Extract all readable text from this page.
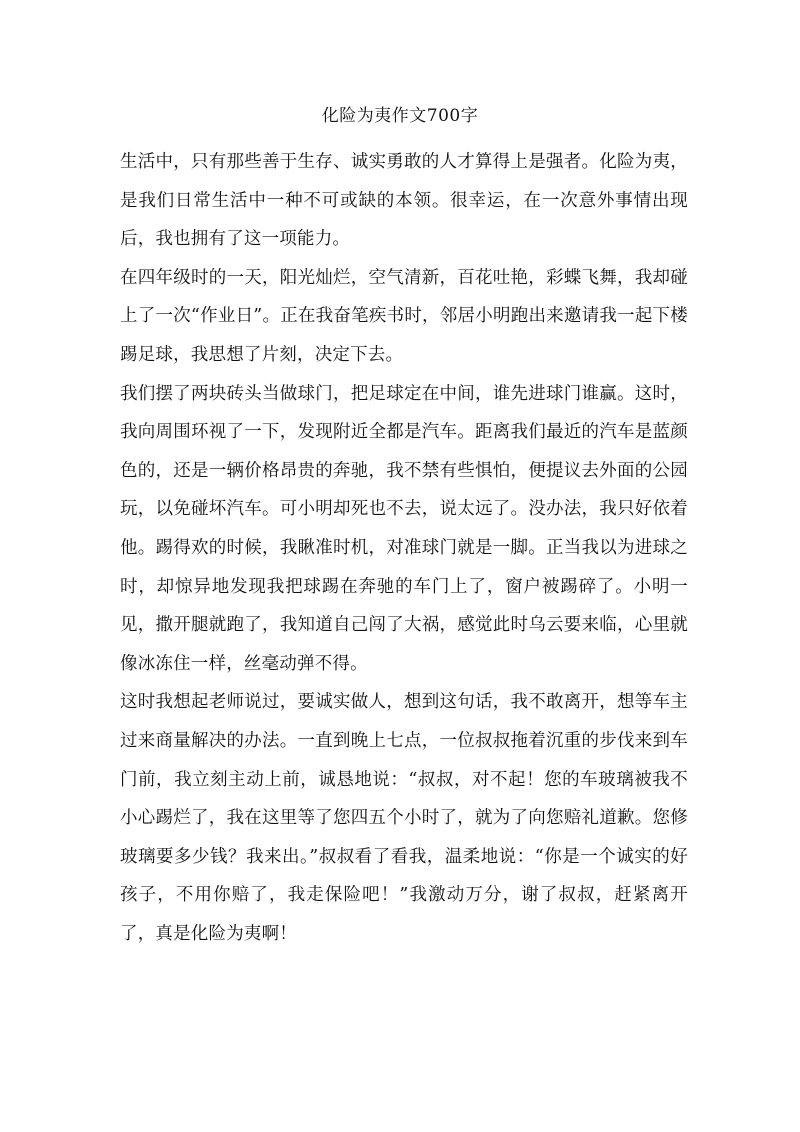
化险为夷作文700字

生活中，只有那些善于生存、诚实勇敢的人才算得上是强者。化险为夷，是我们日常生活中一种不可或缺的本领。很幸运，在一次意外事情出现后，我也拥有了这一项能力。

在四年级时的一天，阳光灿烂，空气清新，百花吐艳，彩蝶飞舞，我却碰上了一次“作业日”。正在我奋笔疾书时，邻居小明跑出来邀请我一起下楼踢足球，我思想了片刻，决定下去。

我们摆了两块砖头当做球门，把足球定在中间，谁先进球门谁赢。这时，我向周围环视了一下，发现附近全都是汽车。距离我们最近的汽车是蓝颜色的，还是一辆价格昂贵的奔驰，我不禁有些惧怕，便提议去外面的公园玩，以免碰坏汽车。可小明却死也不去，说太远了。没办法，我只好依着他。踢得欢的时候，我瞅准时机，对准球门就是一脚。正当我以为进球之时，却惊异地发现我把球踢在奔驰的车门上了，窗户被踢碎了。小明一见，撒开腿就跑了，我知道自己闯了大祸，感觉此时乌云要来临，心里就像冰冻住一样，丝毫动弹不得。

这时我想起老师说过，要诚实做人，想到这句话，我不敢离开，想等车主过来商量解决的办法。一直到晚上七点，一位叔叔拖着沉重的步伐来到车门前，我立刻主动上前，诚恳地说：“叔叔，对不起！您的车玻璃被我不小心踢烂了，我在这里等了您四五个小时了，就为了向您赔礼道歉。您修玻璃要多少钱？我来出。”叔叔看了看我，温柔地说：“你是一个诚实的好孩子，不用你赔了，我走保险吧！”我激动万分，谢了叔叔，赶紧离开了，真是化险为夷啊！
